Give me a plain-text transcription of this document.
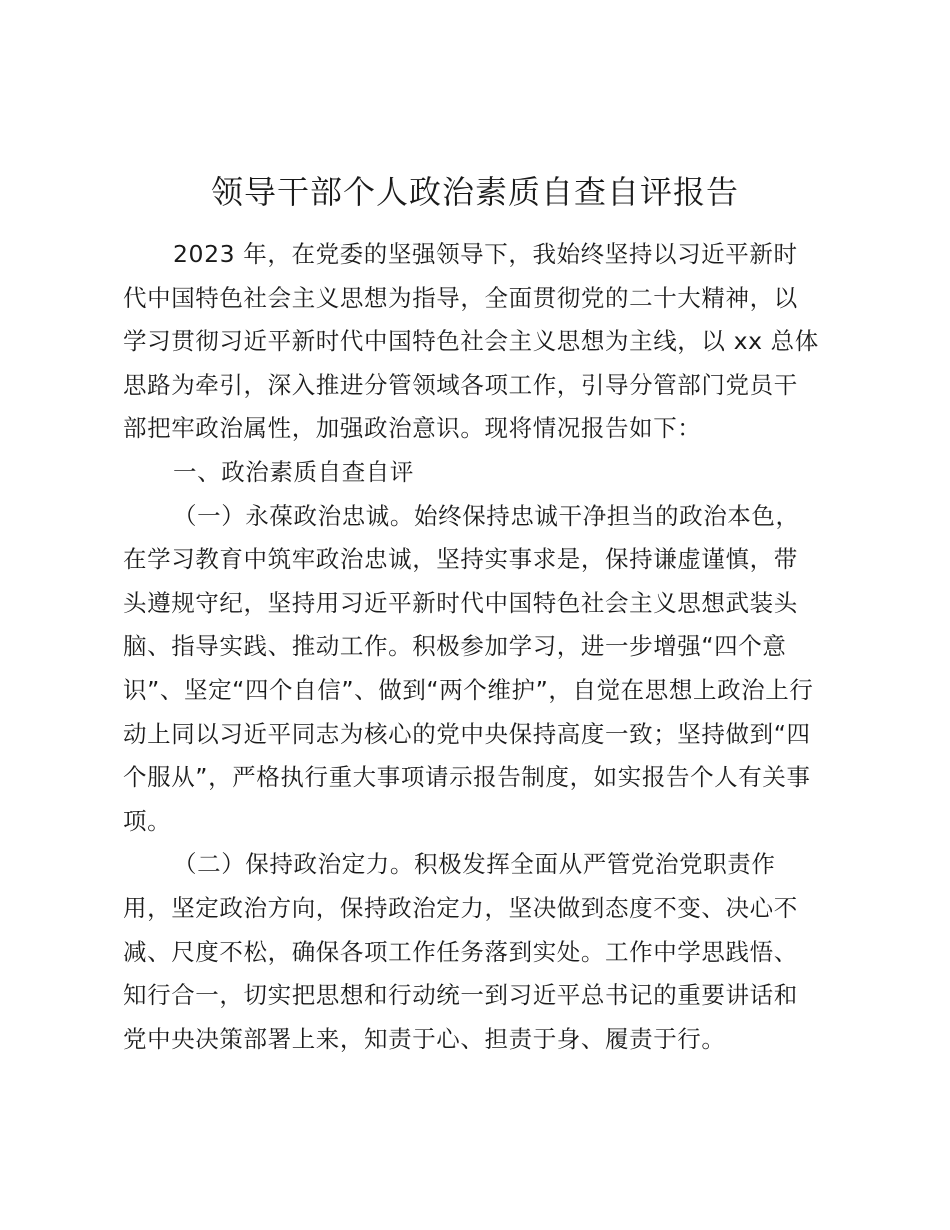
领导干部个人政治素质自查自评报告
2023 年，在党委的坚强领导下，我始终坚持以习近平新时
代中国特色社会主义思想为指导，全面贯彻党的二十大精神，以
学习贯彻习近平新时代中国特色社会主义思想为主线，以 xx 总体
思路为牵引，深入推进分管领域各项工作，引导分管部门党员干
部把牢政治属性，加强政治意识。现将情况报告如下：
一、政治素质自查自评
（一）永葆政治忠诚。始终保持忠诚干净担当的政治本色，
在学习教育中筑牢政治忠诚，坚持实事求是，保持谦虚谨慎，带
头遵规守纪，坚持用习近平新时代中国特色社会主义思想武装头
脑、指导实践、推动工作。积极参加学习，进一步增强“四个意
识”、坚定“四个自信”、做到“两个维护”，自觉在思想上政治上行
动上同以习近平同志为核心的党中央保持高度一致；坚持做到“四
个服从”，严格执行重大事项请示报告制度，如实报告个人有关事
项。
（二）保持政治定力。积极发挥全面从严管党治党职责作
用，坚定政治方向，保持政治定力，坚决做到态度不变、决心不
减、尺度不松，确保各项工作任务落到实处。工作中学思践悟、
知行合一，切实把思想和行动统一到习近平总书记的重要讲话和
党中央决策部署上来，知责于心、担责于身、履责于行。
